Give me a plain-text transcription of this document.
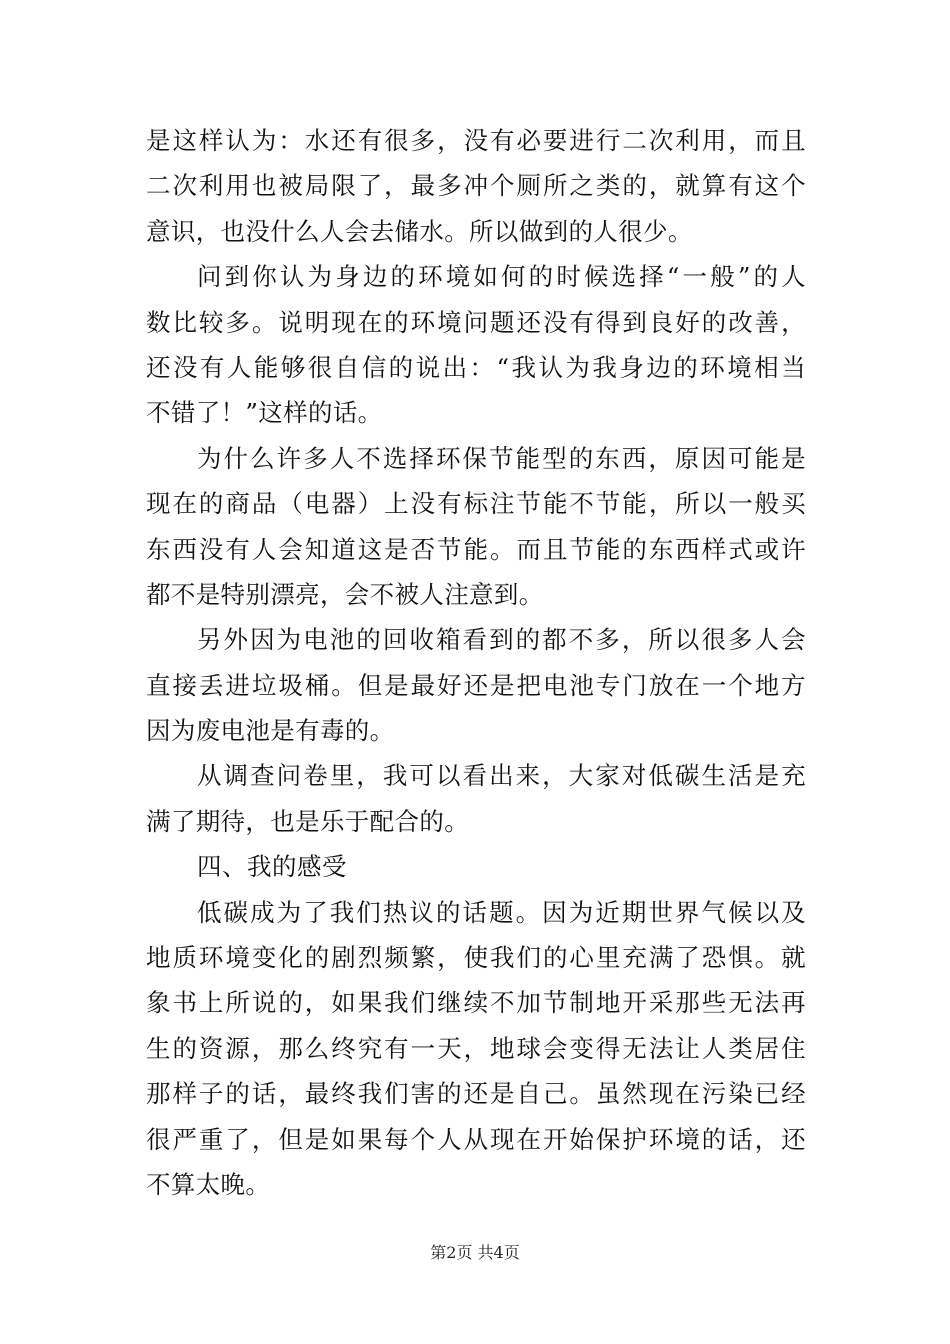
是这样认为：水还有很多，没有必要进行二次利用，而且
二次利用也被局限了，最多冲个厕所之类的，就算有这个
意识，也没什么人会去储水。所以做到的人很少。
问到你认为身边的环境如何的时候选择“一般”的人
数比较多。说明现在的环境问题还没有得到良好的改善，
还没有人能够很自信的说出：“我认为我身边的环境相当
不错了！”这样的话。
为什么许多人不选择环保节能型的东西，原因可能是
现在的商品（电器）上没有标注节能不节能，所以一般买
东西没有人会知道这是否节能。而且节能的东西样式或许
都不是特别漂亮，会不被人注意到。
另外因为电池的回收箱看到的都不多，所以很多人会
直接丢进垃圾桶。但是最好还是把电池专门放在一个地方
因为废电池是有毒的。
从调查问卷里，我可以看出来，大家对低碳生活是充
满了期待，也是乐于配合的。
四、我的感受
低碳成为了我们热议的话题。因为近期世界气候以及
地质环境变化的剧烈频繁，使我们的心里充满了恐惧。就
象书上所说的，如果我们继续不加节制地开采那些无法再
生的资源，那么终究有一天，地球会变得无法让人类居住
那样子的话，最终我们害的还是自己。虽然现在污染已经
很严重了，但是如果每个人从现在开始保护环境的话，还
不算太晚。
第2页 共4页
